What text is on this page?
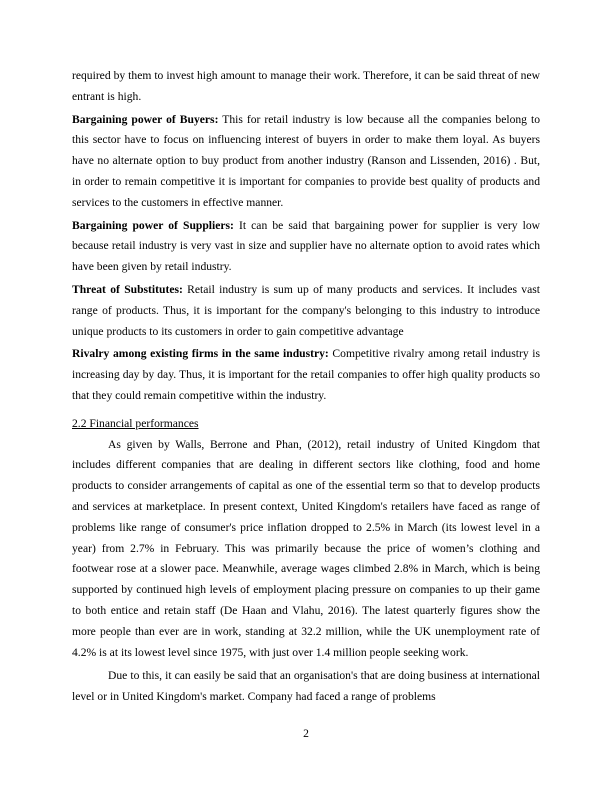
required by them to invest high amount to manage their work. Therefore, it can be said threat of new entrant is high.

Bargaining power of Buyers: This for retail industry is low because all the companies belong to this sector have to focus on influencing interest of buyers in order to make them loyal. As buyers have no alternate option to buy product from another industry (Ranson and Lissenden, 2016) . But, in order to remain competitive it is important for companies to provide best quality of products and services to the customers in effective manner.

Bargaining power of Suppliers: It can be said that bargaining power for supplier is very low because retail industry is very vast in size and supplier have no alternate option to avoid rates which have been given by retail industry.

Threat of Substitutes: Retail industry is sum up of many products and services. It includes vast range of products. Thus, it is important for the company's belonging to this industry to introduce unique products to its customers in order to gain competitive advantage

Rivalry among existing firms in the same industry: Competitive rivalry among retail industry is increasing day by day. Thus, it is important for the retail companies to offer high quality products so that they could remain competitive within the industry.

2.2 Financial performances

As given by Walls, Berrone and Phan, (2012), retail industry of United Kingdom that includes different companies that are dealing in different sectors like clothing, food and home products to consider arrangements of capital as one of the essential term so that to develop products and services at marketplace. In present context, United Kingdom's retailers have faced as range of problems like range of consumer's price inflation dropped to 2.5% in March (its lowest level in a year) from 2.7% in February. This was primarily because the price of women’s clothing and footwear rose at a slower pace. Meanwhile, average wages climbed 2.8% in March, which is being supported by continued high levels of employment placing pressure on companies to up their game to both entice and retain staff (De Haan and Vlahu, 2016). The latest quarterly figures show the more people than ever are in work, standing at 32.2 million, while the UK unemployment rate of 4.2% is at its lowest level since 1975, with just over 1.4 million people seeking work.

Due to this, it can easily be said that an organisation's that are doing business at international level or in United Kingdom's market. Company had faced a range of problems

2
